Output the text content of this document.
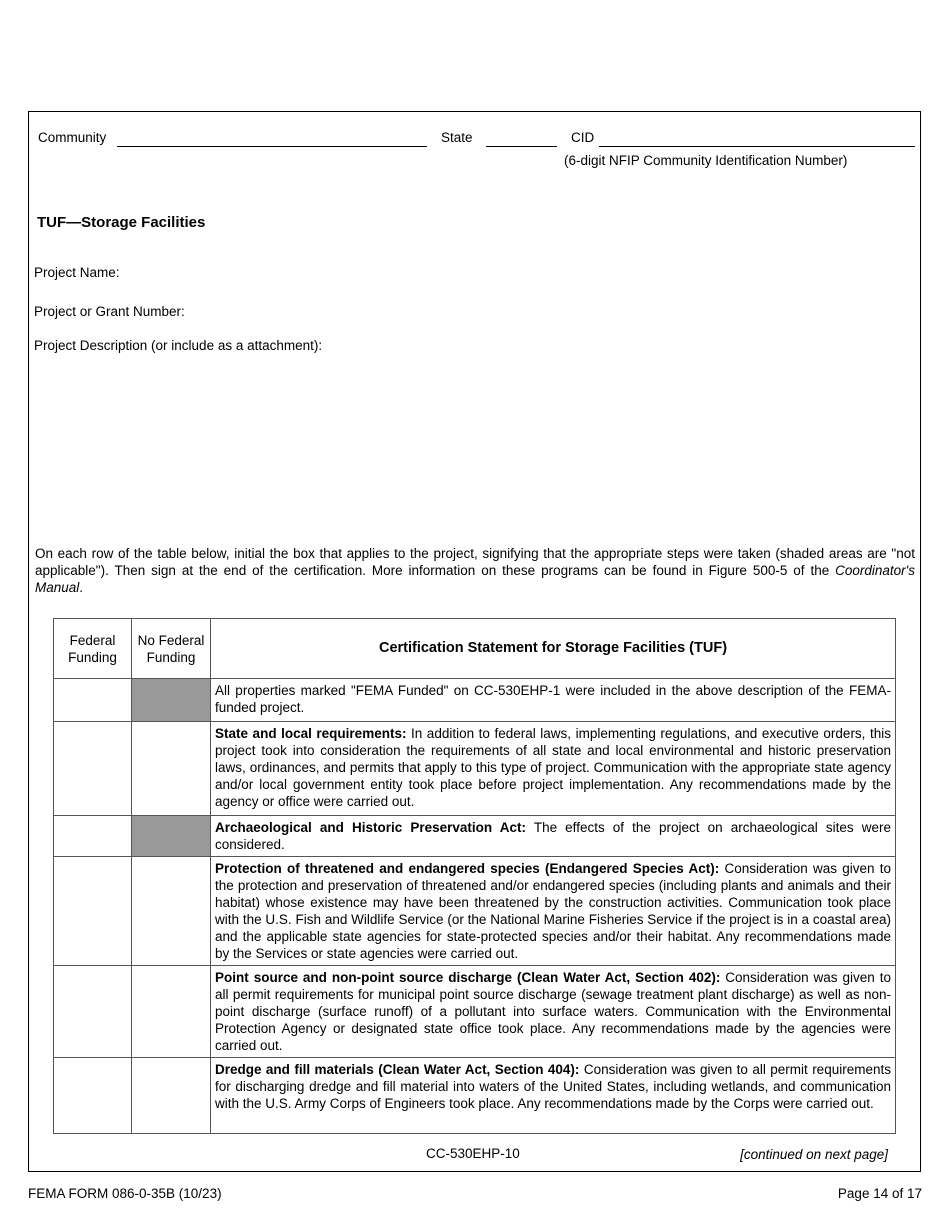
Community	State	CID
(6-digit NFIP Community Identification Number)
TUF—Storage Facilities
Project Name:
Project or Grant Number:
Project Description (or include as a attachment):
On each row of the table below, initial the box that applies to the project, signifying that the appropriate steps were taken (shaded areas are "not applicable"). Then sign at the end of the certification. More information on these programs can be found in Figure 500-5 of the Coordinator's Manual.
Federal Funding	No Federal Funding	Certification Statement for Storage Facilities (TUF)
		All properties marked "FEMA Funded" on CC-530EHP-1 were included in the above description of the FEMA-funded project.
		State and local requirements: In addition to federal laws, implementing regulations, and executive orders, this project took into consideration the requirements of all state and local environmental and historic preservation laws, ordinances, and permits that apply to this type of project. Communication with the appropriate state agency and/or local government entity took place before project implementation. Any recommendations made by the agency or office were carried out.
		Archaeological and Historic Preservation Act: The effects of the project on archaeological sites were considered.
		Protection of threatened and endangered species (Endangered Species Act): Consideration was given to the protection and preservation of threatened and/or endangered species (including plants and animals and their habitat) whose existence may have been threatened by the construction activities. Communication took place with the U.S. Fish and Wildlife Service (or the National Marine Fisheries Service if the project is in a coastal area) and the applicable state agencies for state-protected species and/or their habitat. Any recommendations made by the Services or state agencies were carried out.
		Point source and non-point source discharge (Clean Water Act, Section 402): Consideration was given to all permit requirements for municipal point source discharge (sewage treatment plant discharge) as well as non-point discharge (surface runoff) of a pollutant into surface waters. Communication with the Environmental Protection Agency or designated state office took place. Any recommendations made by the agencies were carried out.
		Dredge and fill materials (Clean Water Act, Section 404): Consideration was given to all permit requirements for discharging dredge and fill material into waters of the United States, including wetlands, and communication with the U.S. Army Corps of Engineers took place. Any recommendations made by the Corps were carried out.
CC-530EHP-10	[continued on next page]
FEMA FORM 086-0-35B (10/23)	Page 14 of 17
